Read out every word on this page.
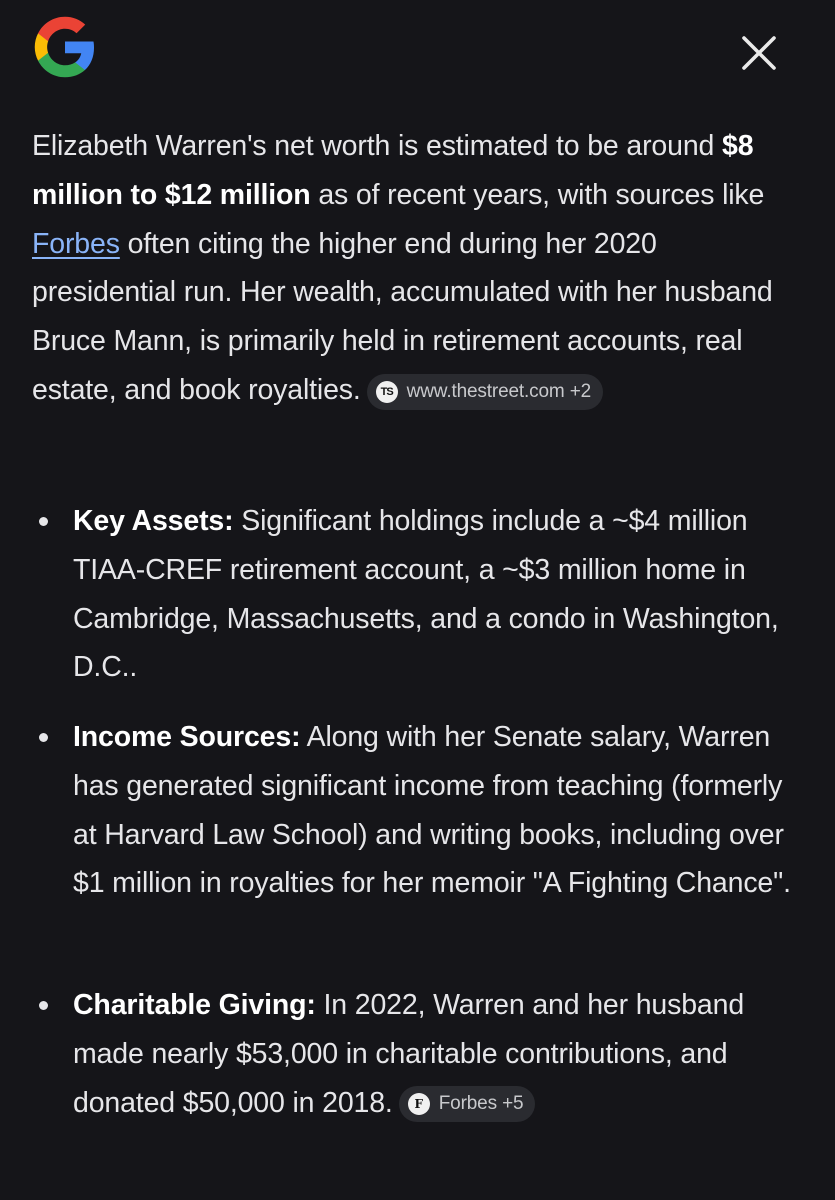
Elizabeth Warren's net worth is estimated to be around $8 million to $12 million as of recent years, with sources like Forbes often citing the higher end during her 2020 presidential run. Her wealth, accumulated with her husband Bruce Mann, is primarily held in retirement accounts, real estate, and book royalties.	TS www.thestreet.com +2

Key Assets: Significant holdings include a ~$4 million TIAA-CREF retirement account, a ~$3 million home in Cambridge, Massachusetts, and a condo in Washington, D.C..
Income Sources: Along with her Senate salary, Warren has generated significant income from teaching (formerly at Harvard Law School) and writing books, including over $1 million in royalties for her memoir "A Fighting Chance".
Charitable Giving: In 2022, Warren and her husband made nearly $53,000 in charitable contributions, and donated $50,000 in 2018.	F Forbes +5
